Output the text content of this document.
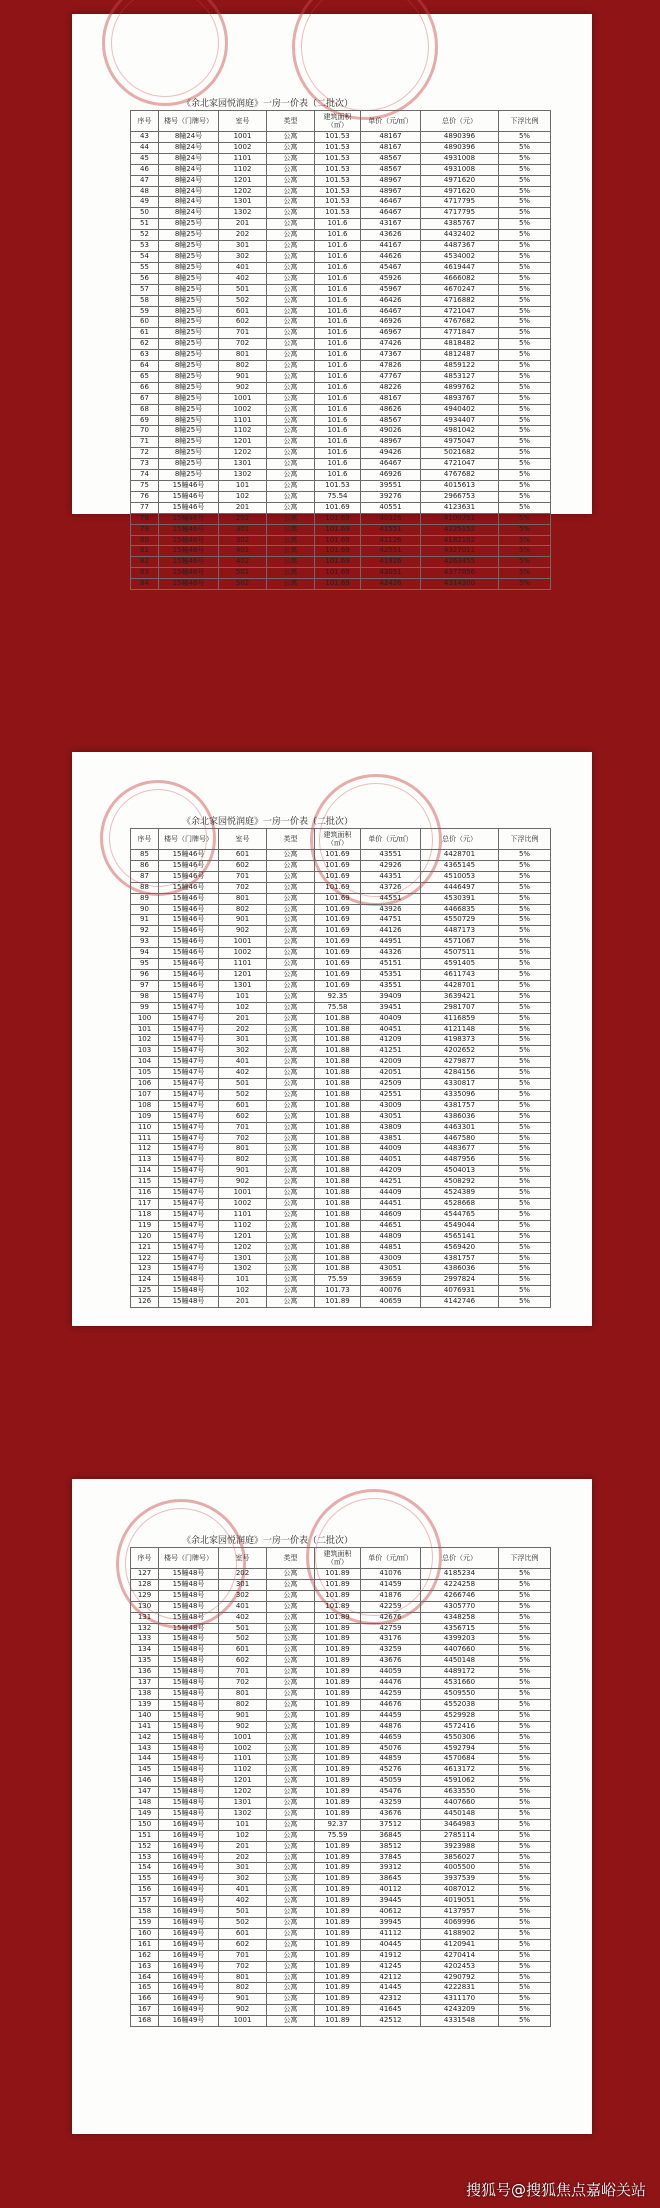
《余北家园悦润庭》一房一价表（二批次）
序号	楼号（门牌号）	室号	类型	建筑面积（㎡）	单价（元/㎡）	总价（元）	下浮比例
43	8幢24号	1001	公寓	101.53	48167	4890396	5%
44	8幢24号	1002	公寓	101.53	48167	4890396	5%
45	8幢24号	1101	公寓	101.53	48567	4931008	5%
46	8幢24号	1102	公寓	101.53	48567	4931008	5%
47	8幢24号	1201	公寓	101.53	48967	4971620	5%
48	8幢24号	1202	公寓	101.53	48967	4971620	5%
49	8幢24号	1301	公寓	101.53	46467	4717795	5%
50	8幢24号	1302	公寓	101.53	46467	4717795	5%
51	8幢25号	201	公寓	101.6	43167	4385767	5%
52	8幢25号	202	公寓	101.6	43626	4432402	5%
53	8幢25号	301	公寓	101.6	44167	4487367	5%
54	8幢25号	302	公寓	101.6	44626	4534002	5%
55	8幢25号	401	公寓	101.6	45467	4619447	5%
56	8幢25号	402	公寓	101.6	45926	4666082	5%
57	8幢25号	501	公寓	101.6	45967	4670247	5%
58	8幢25号	502	公寓	101.6	46426	4716882	5%
59	8幢25号	601	公寓	101.6	46467	4721047	5%
60	8幢25号	602	公寓	101.6	46926	4767682	5%
61	8幢25号	701	公寓	101.6	46967	4771847	5%
62	8幢25号	702	公寓	101.6	47426	4818482	5%
63	8幢25号	801	公寓	101.6	47367	4812487	5%
64	8幢25号	802	公寓	101.6	47826	4859122	5%
65	8幢25号	901	公寓	101.6	47767	4853127	5%
66	8幢25号	902	公寓	101.6	48226	4899762	5%
67	8幢25号	1001	公寓	101.6	48167	4893767	5%
68	8幢25号	1002	公寓	101.6	48626	4940402	5%
69	8幢25号	1101	公寓	101.6	48567	4934407	5%
70	8幢25号	1102	公寓	101.6	49026	4981042	5%
71	8幢25号	1201	公寓	101.6	48967	4975047	5%
72	8幢25号	1202	公寓	101.6	49426	5021682	5%
73	8幢25号	1301	公寓	101.6	46467	4721047	5%
74	8幢25号	1302	公寓	101.6	46926	4767682	5%
75	15幢46号	101	公寓	101.53	39551	4015613	5%
76	15幢46号	102	公寓	75.54	39276	2966753	5%
77	15幢46号	201	公寓	101.69	40551	4123631	5%
78	15幢46号	202	公寓	101.69	40326	4100751	5%
79	15幢46号	301	公寓	101.69	41551	4225152	5%
80	15幢46号	302	公寓	101.69	41126	4182102	5%
81	15幢46号	401	公寓	101.69	42551	4327011	5%
82	15幢46号	402	公寓	101.69	41926	4263455	5%
83	15幢46号	501	公寓	101.69	43051	4377856	5%
84	15幢46号	502	公寓	101.69	42426	4314300	5%
《余北家园悦润庭》一房一价表（二批次）
序号	楼号（门牌号）	室号	类型	建筑面积（㎡）	单价（元/㎡）	总价（元）	下浮比例
85	15幢46号	601	公寓	101.69	43551	4428701	5%
86	15幢46号	602	公寓	101.69	42926	4365145	5%
87	15幢46号	701	公寓	101.69	44351	4510053	5%
88	15幢46号	702	公寓	101.69	43726	4446497	5%
89	15幢46号	801	公寓	101.69	44551	4530391	5%
90	15幢46号	802	公寓	101.69	43926	4466835	5%
91	15幢46号	901	公寓	101.69	44751	4550729	5%
92	15幢46号	902	公寓	101.69	44126	4487173	5%
93	15幢46号	1001	公寓	101.69	44951	4571067	5%
94	15幢46号	1002	公寓	101.69	44326	4507511	5%
95	15幢46号	1101	公寓	101.69	45151	4591405	5%
96	15幢46号	1201	公寓	101.69	45351	4611743	5%
97	15幢46号	1301	公寓	101.69	43551	4428701	5%
98	15幢47号	101	公寓	92.35	39409	3639421	5%
99	15幢47号	102	公寓	75.58	39451	2981707	5%
100	15幢47号	201	公寓	101.88	40409	4116859	5%
101	15幢47号	202	公寓	101.88	40451	4121148	5%
102	15幢47号	301	公寓	101.88	41209	4198373	5%
103	15幢47号	302	公寓	101.88	41251	4202652	5%
104	15幢47号	401	公寓	101.88	42009	4279877	5%
105	15幢47号	402	公寓	101.88	42051	4284156	5%
106	15幢47号	501	公寓	101.88	42509	4330817	5%
107	15幢47号	502	公寓	101.88	42551	4335096	5%
108	15幢47号	601	公寓	101.88	43009	4381757	5%
109	15幢47号	602	公寓	101.88	43051	4386036	5%
110	15幢47号	701	公寓	101.88	43809	4463301	5%
111	15幢47号	702	公寓	101.88	43851	4467580	5%
112	15幢47号	801	公寓	101.88	44009	4483677	5%
113	15幢47号	802	公寓	101.88	44051	4487956	5%
114	15幢47号	901	公寓	101.88	44209	4504013	5%
115	15幢47号	902	公寓	101.88	44251	4508292	5%
116	15幢47号	1001	公寓	101.88	44409	4524389	5%
117	15幢47号	1002	公寓	101.88	44451	4528668	5%
118	15幢47号	1101	公寓	101.88	44609	4544765	5%
119	15幢47号	1102	公寓	101.88	44651	4549044	5%
120	15幢47号	1201	公寓	101.88	44809	4565141	5%
121	15幢47号	1202	公寓	101.88	44851	4569420	5%
122	15幢47号	1301	公寓	101.88	43009	4381757	5%
123	15幢47号	1302	公寓	101.88	43051	4386036	5%
124	15幢48号	101	公寓	75.59	39659	2997824	5%
125	15幢48号	102	公寓	101.73	40076	4076931	5%
126	15幢48号	201	公寓	101.89	40659	4142746	5%
《余北家园悦润庭》一房一价表（二批次）
序号	楼号（门牌号）	室号	类型	建筑面积（㎡）	单价（元/㎡）	总价（元）	下浮比例
127	15幢48号	202	公寓	101.89	41076	4185234	5%
128	15幢48号	301	公寓	101.89	41459	4224258	5%
129	15幢48号	302	公寓	101.89	41876	4266746	5%
130	15幢48号	401	公寓	101.89	42259	4305770	5%
131	15幢48号	402	公寓	101.89	42676	4348258	5%
132	15幢48号	501	公寓	101.89	42759	4356715	5%
133	15幢48号	502	公寓	101.89	43176	4399203	5%
134	15幢48号	601	公寓	101.89	43259	4407660	5%
135	15幢48号	602	公寓	101.89	43676	4450148	5%
136	15幢48号	701	公寓	101.89	44059	4489172	5%
137	15幢48号	702	公寓	101.89	44476	4531660	5%
138	15幢48号	801	公寓	101.89	44259	4509550	5%
139	15幢48号	802	公寓	101.89	44676	4552038	5%
140	15幢48号	901	公寓	101.89	44459	4529928	5%
141	15幢48号	902	公寓	101.89	44876	4572416	5%
142	15幢48号	1001	公寓	101.89	44659	4550306	5%
143	15幢48号	1002	公寓	101.89	45076	4592794	5%
144	15幢48号	1101	公寓	101.89	44859	4570684	5%
145	15幢48号	1102	公寓	101.89	45276	4613172	5%
146	15幢48号	1201	公寓	101.89	45059	4591062	5%
147	15幢48号	1202	公寓	101.89	45476	4633550	5%
148	15幢48号	1301	公寓	101.89	43259	4407660	5%
149	15幢48号	1302	公寓	101.89	43676	4450148	5%
150	16幢49号	101	公寓	92.37	37512	3464983	5%
151	16幢49号	102	公寓	75.59	36845	2785114	5%
152	16幢49号	201	公寓	101.89	38512	3923988	5%
153	16幢49号	202	公寓	101.89	37845	3856027	5%
154	16幢49号	301	公寓	101.89	39312	4005500	5%
155	16幢49号	302	公寓	101.89	38645	3937539	5%
156	16幢49号	401	公寓	101.89	40112	4087012	5%
157	16幢49号	402	公寓	101.89	39445	4019051	5%
158	16幢49号	501	公寓	101.89	40612	4137957	5%
159	16幢49号	502	公寓	101.89	39945	4069996	5%
160	16幢49号	601	公寓	101.89	41112	4188902	5%
161	16幢49号	602	公寓	101.89	40445	4120941	5%
162	16幢49号	701	公寓	101.89	41912	4270414	5%
163	16幢49号	702	公寓	101.89	41245	4202453	5%
164	16幢49号	801	公寓	101.89	42112	4290792	5%
165	16幢49号	802	公寓	101.89	41445	4222831	5%
166	16幢49号	901	公寓	101.89	42312	4311170	5%
167	16幢49号	902	公寓	101.89	41645	4243209	5%
168	16幢49号	1001	公寓	101.89	42512	4331548	5%
搜狐号@搜狐焦点嘉峪关站
